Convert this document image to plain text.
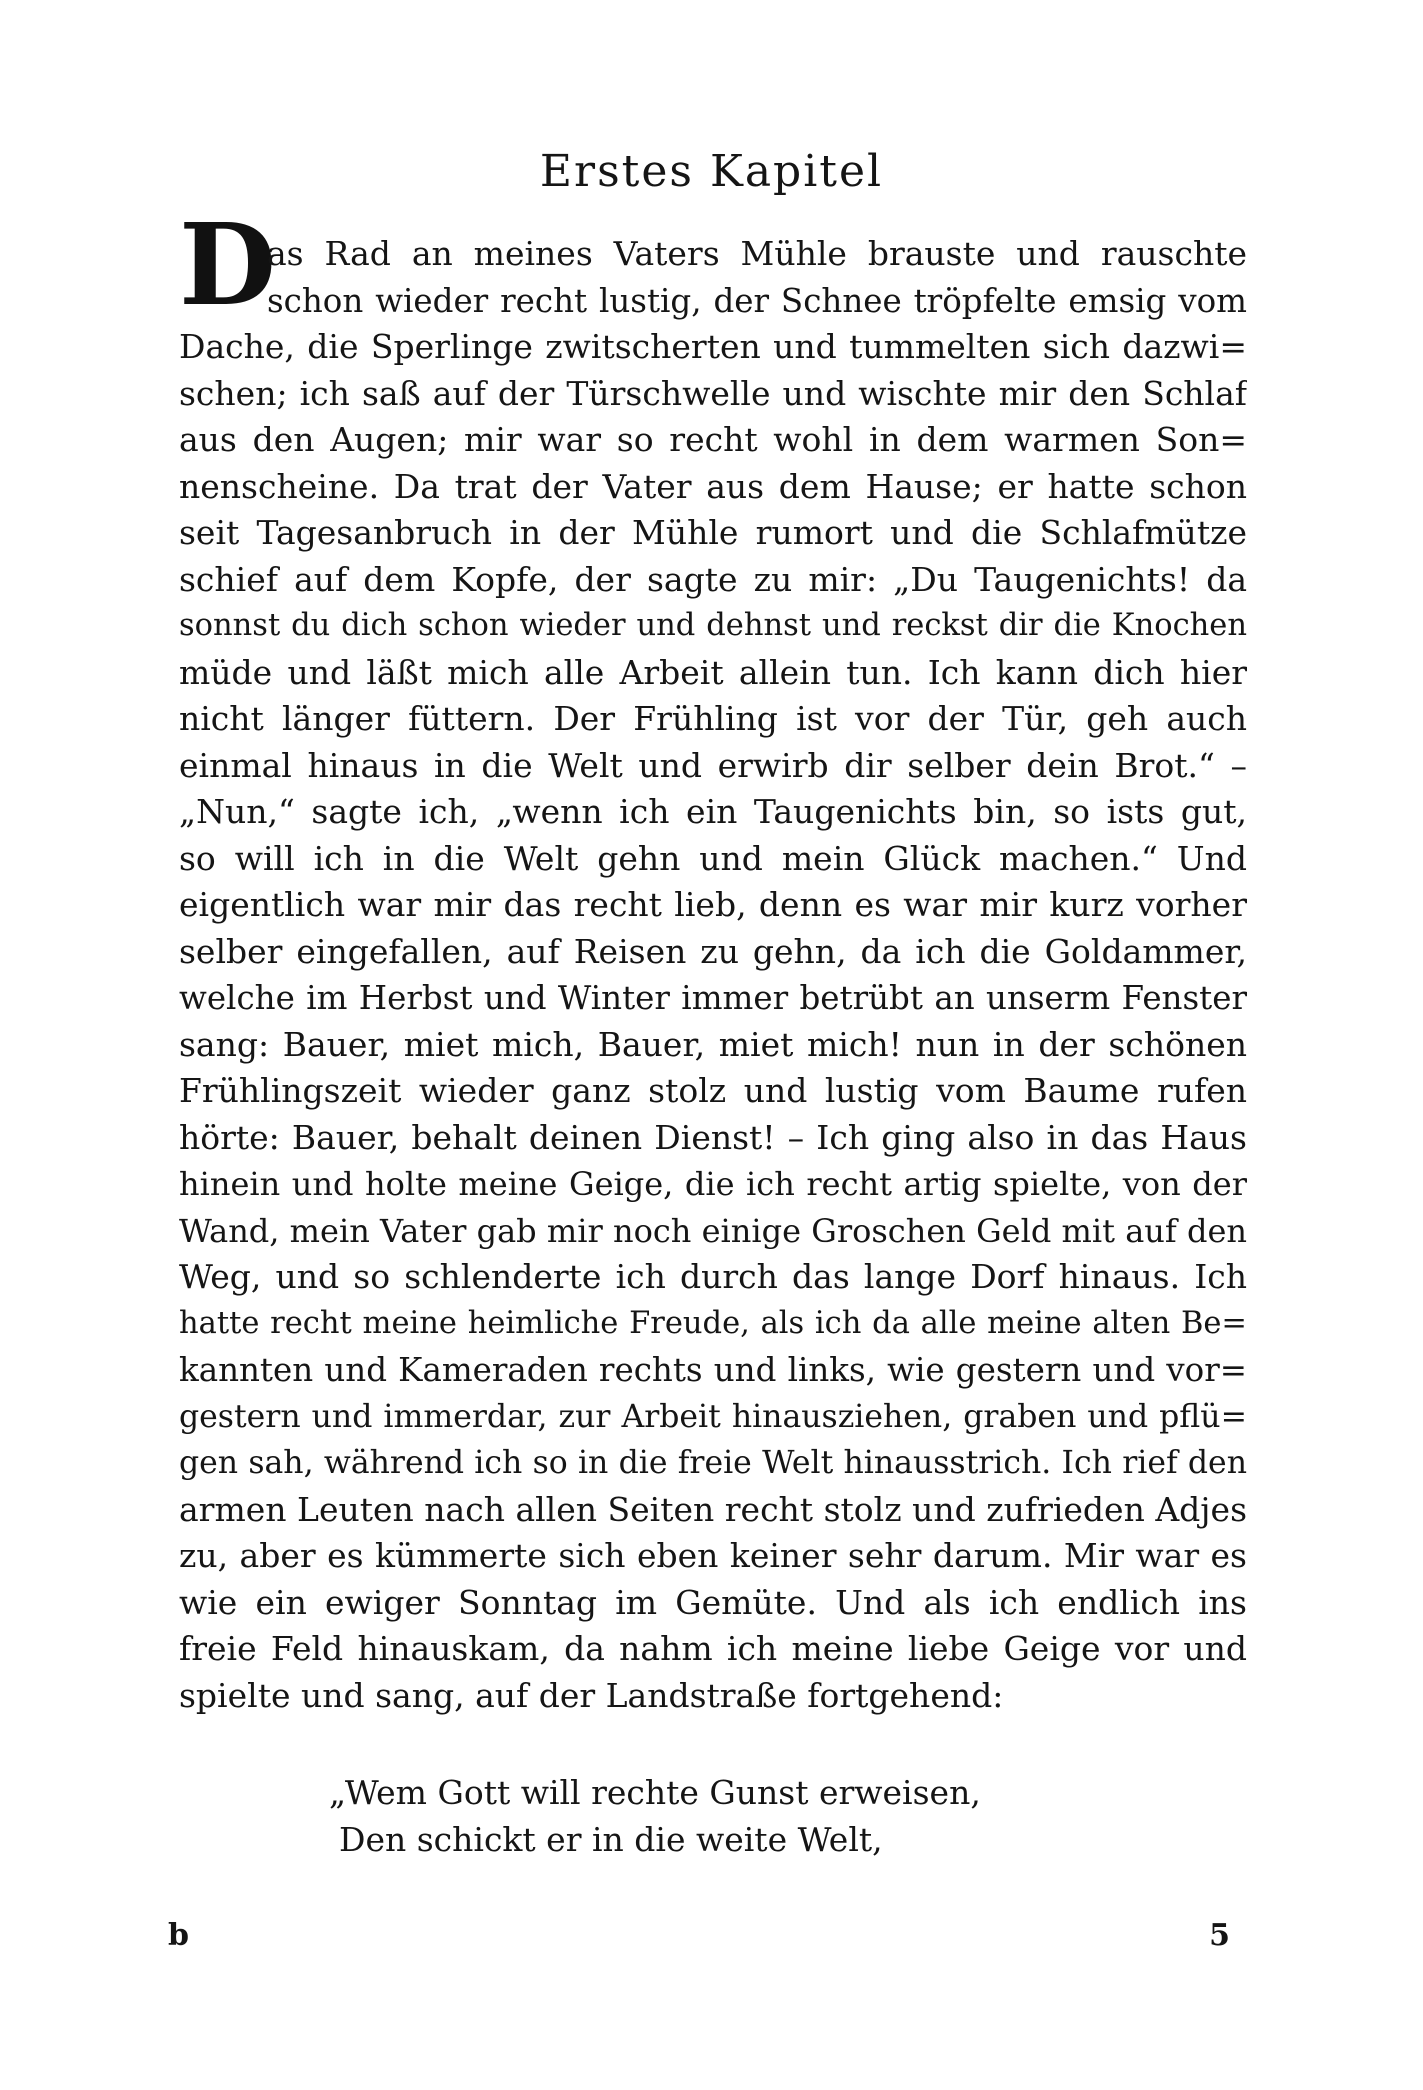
Erstes Kapitel
D
as Rad an meines Vaters Mühle brauste und rauschte
schon wieder recht lustig, der Schnee tröpfelte emsig vom
Dache, die Sperlinge zwitscherten und tummelten sich dazwi=
schen; ich saß auf der Türschwelle und wischte mir den Schlaf
aus den Augen; mir war so recht wohl in dem warmen Son=
nenscheine. Da trat der Vater aus dem Hause; er hatte schon
seit Tagesanbruch in der Mühle rumort und die Schlafmütze
schief auf dem Kopfe, der sagte zu mir: „Du Taugenichts! da
sonnst du dich schon wieder und dehnst und reckst dir die Knochen
müde und läßt mich alle Arbeit allein tun. Ich kann dich hier
nicht länger füttern. Der Frühling ist vor der Tür, geh auch
einmal hinaus in die Welt und erwirb dir selber dein Brot.“ –
„Nun,“ sagte ich, „wenn ich ein Taugenichts bin, so ists gut,
so will ich in die Welt gehn und mein Glück machen.“ Und
eigentlich war mir das recht lieb, denn es war mir kurz vorher
selber eingefallen, auf Reisen zu gehn, da ich die Goldammer,
welche im Herbst und Winter immer betrübt an unserm Fenster
sang: Bauer, miet mich, Bauer, miet mich! nun in der schönen
Frühlingszeit wieder ganz stolz und lustig vom Baume rufen
hörte: Bauer, behalt deinen Dienst! – Ich ging also in das Haus
hinein und holte meine Geige, die ich recht artig spielte, von der
Wand, mein Vater gab mir noch einige Groschen Geld mit auf den
Weg, und so schlenderte ich durch das lange Dorf hinaus. Ich
hatte recht meine heimliche Freude, als ich da alle meine alten Be=
kannten und Kameraden rechts und links, wie gestern und vor=
gestern und immerdar, zur Arbeit hinausziehen, graben und pflü=
gen sah, während ich so in die freie Welt hinausstrich. Ich rief den
armen Leuten nach allen Seiten recht stolz und zufrieden Adjes
zu, aber es kümmerte sich eben keiner sehr darum. Mir war es
wie ein ewiger Sonntag im Gemüte. Und als ich endlich ins
freie Feld hinauskam, da nahm ich meine liebe Geige vor und
spielte und sang, auf der Landstraße fortgehend:
„Wem Gott will rechte Gunst erweisen,
Den schickt er in die weite Welt,
b	5
